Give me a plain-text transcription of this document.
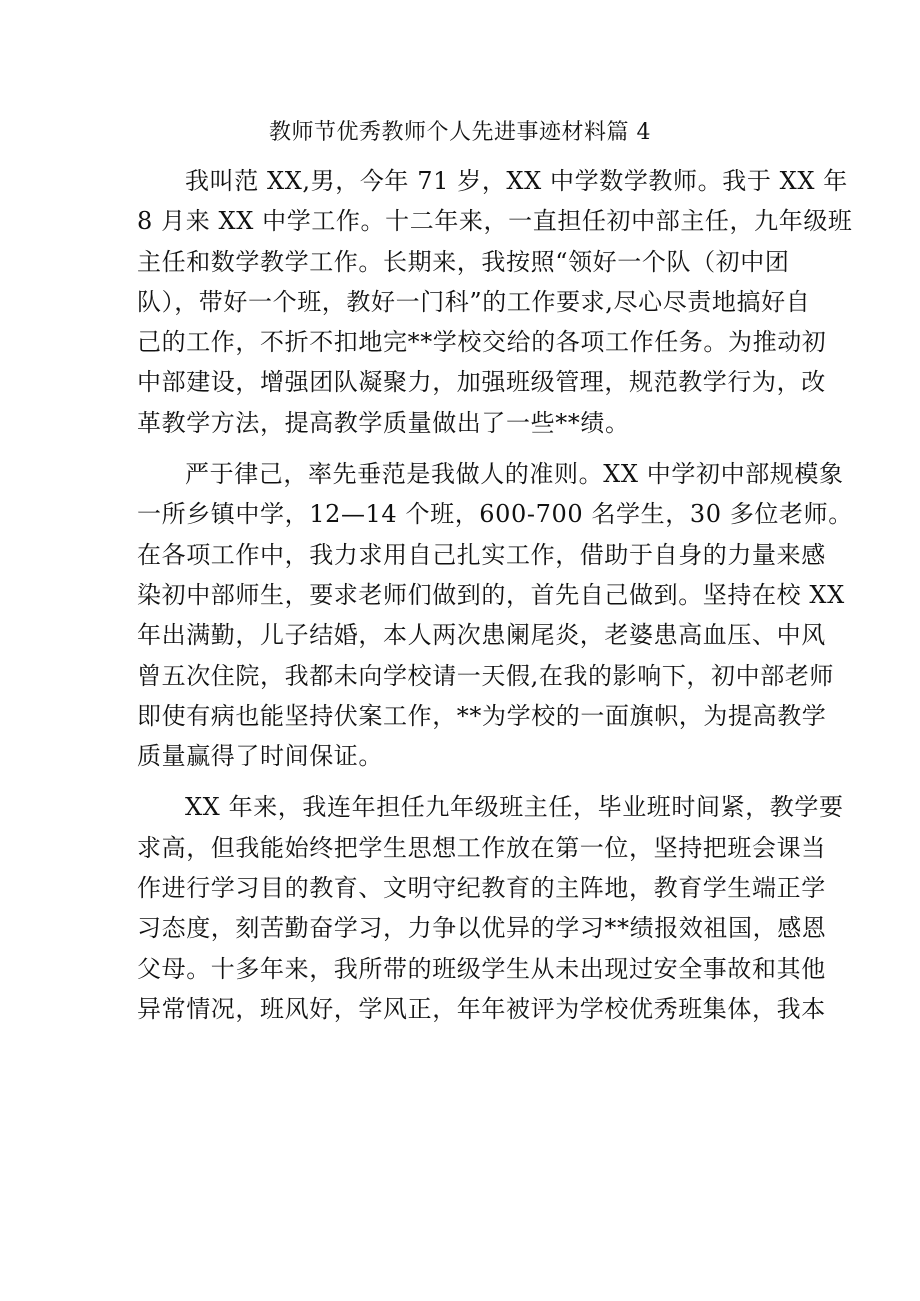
教师节优秀教师个人先进事迹材料篇 4

我叫范 XX,男，今年 71 岁，XX 中学数学教师。我于 XX 年
8 月来 XX 中学工作。十二年来，一直担任初中部主任，九年级班
主任和数学教学工作。长期来，我按照“领好一个队（初中团
队），带好一个班，教好一门科”的工作要求,尽心尽责地搞好自
己的工作，不折不扣地完**学校交给的各项工作任务。为推动初
中部建设，增强团队凝聚力，加强班级管理，规范教学行为，改
革教学方法，提高教学质量做出了一些**绩。

严于律己，率先垂范是我做人的准则。XX 中学初中部规模象
一所乡镇中学，12—14 个班，600-700 名学生，30 多位老师。
在各项工作中，我力求用自己扎实工作，借助于自身的力量来感
染初中部师生，要求老师们做到的，首先自己做到。坚持在校 XX
年出满勤，儿子结婚，本人两次患阑尾炎，老婆患高血压、中风
曾五次住院，我都未向学校请一天假,在我的影响下，初中部老师
即使有病也能坚持伏案工作，**为学校的一面旗帜，为提高教学
质量赢得了时间保证。

XX 年来，我连年担任九年级班主任，毕业班时间紧，教学要
求高，但我能始终把学生思想工作放在第一位，坚持把班会课当
作进行学习目的教育、文明守纪教育的主阵地，教育学生端正学
习态度，刻苦勤奋学习，力争以优异的学习**绩报效祖国，感恩
父母。十多年来，我所带的班级学生从未出现过安全事故和其他
异常情况，班风好，学风正，年年被评为学校优秀班集体，我本
